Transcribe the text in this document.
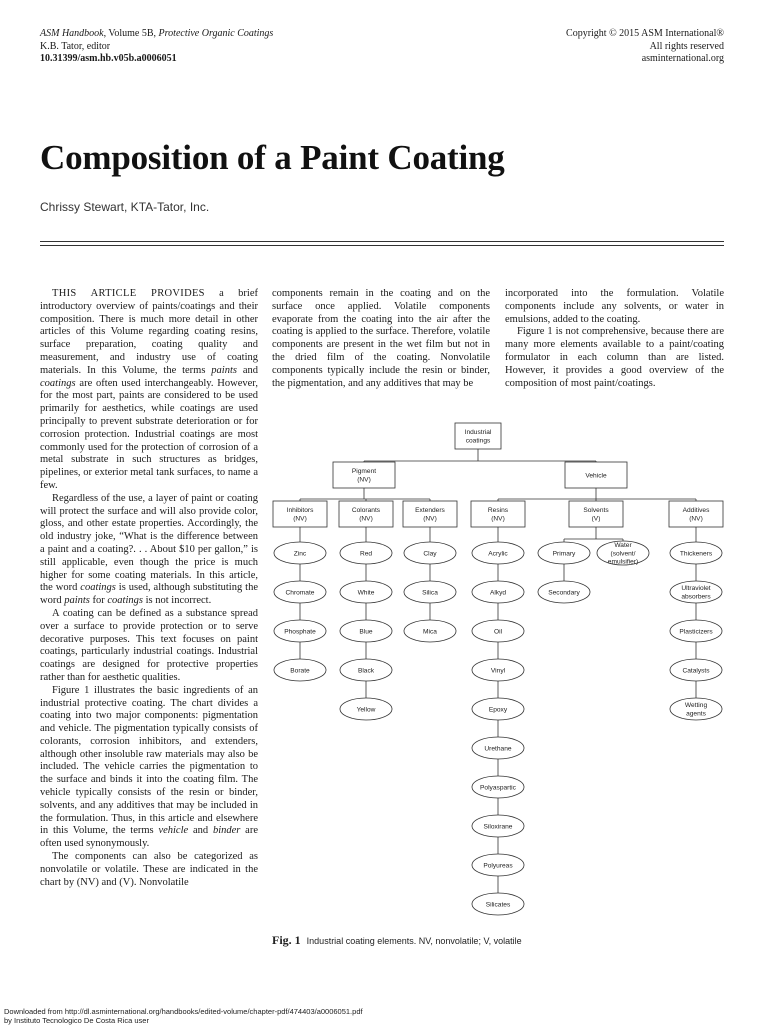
ASM Handbook, Volume 5B, Protective Organic Coatings
K.B. Tator, editor
10.31399/asm.hb.v05b.a0006051
Copyright © 2015 ASM International®
All rights reserved
asminternational.org
Composition of a Paint Coating
Chrissy Stewart, KTA-Tator, Inc.

THIS ARTICLE PROVIDES a brief introductory overview of paints/coatings and their composition. There is much more detail in other articles of this Volume regarding coating resins, surface preparation, coating quality and measurement, and industry use of coating materials. In this Volume, the terms paints and coatings are often used interchangeably. However, for the most part, paints are considered to be used primarily for aesthetics, while coatings are used principally to prevent substrate deterioration or for corrosion protection. Industrial coatings are most commonly used for the protection of corrosion of a metal substrate in such structures as bridges, pipelines, or exterior metal tank surfaces, to name a few.

Regardless of the use, a layer of paint or coating will protect the surface and will also provide color, gloss, and other estate properties. Accordingly, the old industry joke, “What is the difference between a paint and a coating?. . . About $10 per gallon,” is still applicable, even though the price is much higher for some coating materials. In this article, the word coatings is used, although substituting the word paints for coatings is not incorrect.

A coating can be defined as a substance spread over a surface to provide protection or to serve decorative purposes. This text focuses on paint coatings, particularly industrial coatings. Industrial coatings are designed for protective properties rather than for aesthetic qualities.

Figure 1 illustrates the basic ingredients of an industrial protective coating. The chart divides a coating into two major components: pigmentation and vehicle. The pigmentation typically consists of colorants, corrosion inhibitors, and extenders, although other insoluble raw materials may also be included. The vehicle carries the pigmentation to the surface and binds it into the coating film. The vehicle typically consists of the resin or binder, solvents, and any additives that may be included in the formulation. Thus, in this article and elsewhere in this Volume, the terms vehicle and binder are often used synonymously.

The components can also be categorized as nonvolatile or volatile. These are indicated in the chart by (NV) and (V). Nonvolatile

components remain in the coating and on the surface once applied. Volatile components evaporate from the coating into the air after the coating is applied to the surface. Therefore, volatile components are present in the wet film but not in the dried film of the coating. Nonvolatile components typically include the resin or binder, the pigmentation, and any additives that may be

incorporated into the formulation. Volatile components include any solvents, or water in emulsions, added to the coating.

Figure 1 is not comprehensive, because there are many more elements available to a paint/coating formulator in each column than are listed. However, it provides a good overview of the composition of most paint/coatings.

Zinc
Chromate
Phosphate
Borate
Red
White
Blue
Black
Yellow
Clay
Silica
Mica
Acrylic
Alkyd
Oil
Vinyl
Epoxy
Urethane
Polyaspartic
Siloxirane
Polyureas
Silicates
Primary
Secondary
Water
(solvent/
emulsifier)
Thickeners
Ultraviolet
absorbers
Plasticizers
Catalysts
Wetting
agents
Industrial
coatings
Pigment
(NV)
Vehicle
Inhibitors
(NV)
Colorants
(NV)
Extenders
(NV)
Resins
(NV)
Solvents
(V)
Additives
(NV)
Fig. 1 Industrial coating elements. NV, nonvolatile; V, volatile
Downloaded from http://dl.asminternational.org/handbooks/edited-volume/chapter-pdf/474403/a0006051.pdf
by Instituto Tecnologico De Costa Rica user
